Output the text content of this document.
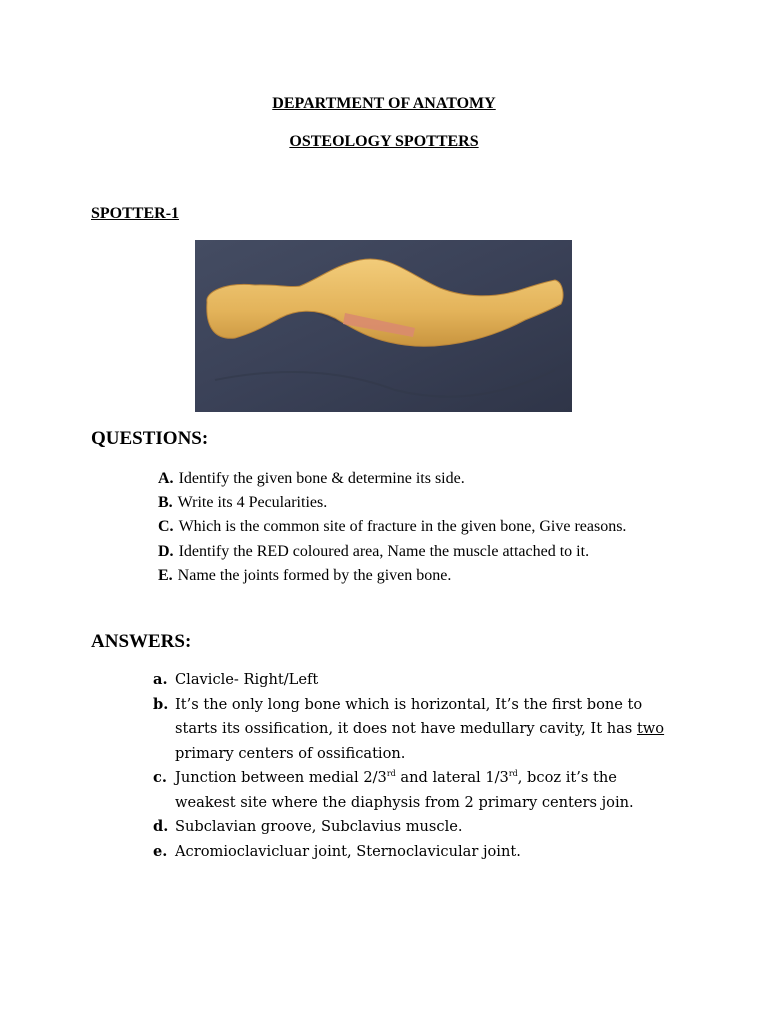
DEPARTMENT OF ANATOMY
OSTEOLOGY SPOTTERS
SPOTTER-1
QUESTIONS:
A. Identify the given bone & determine its side.
B. Write its 4 Pecularities.
C. Which is the common site of fracture in the given bone, Give reasons.
D. Identify the RED coloured area, Name the muscle attached to it.
E. Name the joints formed by the given bone.
ANSWERS:
a. Clavicle- Right/Left
b. It’s the only long bone which is horizontal, It’s the first bone to starts its ossification, it does not have medullary cavity, It has two primary centers of ossification.
c. Junction between medial 2/3rd and lateral 1/3rd, bcoz it’s the weakest site where the diaphysis from 2 primary centers join.
d. Subclavian groove, Subclavius muscle.
e. Acromioclavicluar joint, Sternoclavicular joint.
